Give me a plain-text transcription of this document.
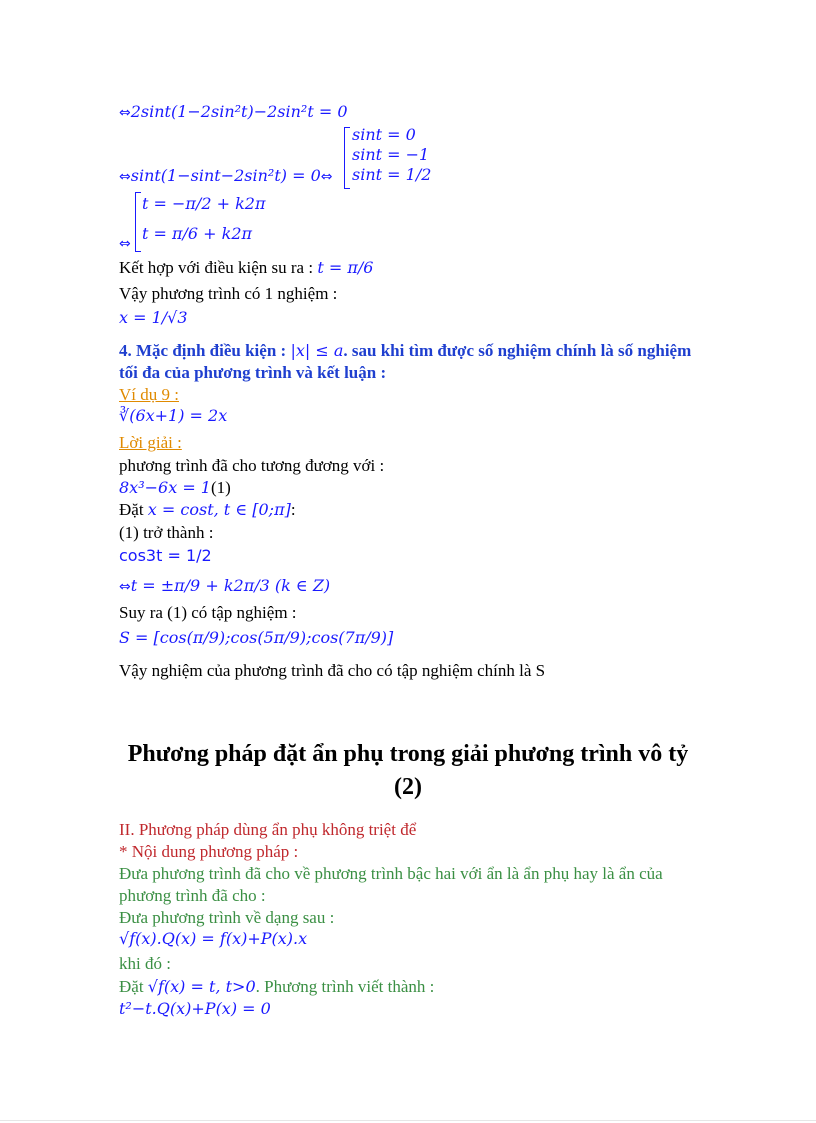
⇔2sint(1−2sin²t)−2sin²t = 0
⇔sint(1−sint−2sin²t) = 0⇔
sint = 0
sint = −1
sint = 1/2
⇔
t = −π/2 + k2π
t = π/6 + k2π
Kết hợp với điều kiện su ra : t = π/6
Vậy phương trình có 1 nghiệm :
x = 1/√3
4. Mặc định điều kiện : |x| ≤ a. sau khi tìm được số nghiệm chính là số nghiệm
tối đa của phương trình và kết luận :
Ví dụ 9 :
∛(6x+1) = 2x
Lời giải :
phương trình đã cho tương đương với :
8x³−6x = 1(1)
Đặt x = cost, t ∈ [0;π]:
(1) trở thành :
cos3t = 1/2
⇔t = ±π/9 + k2π/3 (k ∈ Z)
Suy ra (1) có tập nghiệm :
S = [cos(π/9);cos(5π/9);cos(7π/9)]
Vậy nghiệm của phương trình đã cho có tập nghiệm chính là S
Phương pháp đặt ẩn phụ trong giải phương trình vô tỷ
(2)
II. Phương pháp dùng ẩn phụ không triệt để
* Nội dung phương pháp :
Đưa phương trình đã cho về phương trình bậc hai với ẩn là ẩn phụ hay là ẩn của
phương trình đã cho :
Đưa phương trình về dạng sau :
√f(x).Q(x) = f(x)+P(x).x
khi đó :
Đặt √f(x) = t, t>0. Phương trình viết thành :
t²−t.Q(x)+P(x) = 0
